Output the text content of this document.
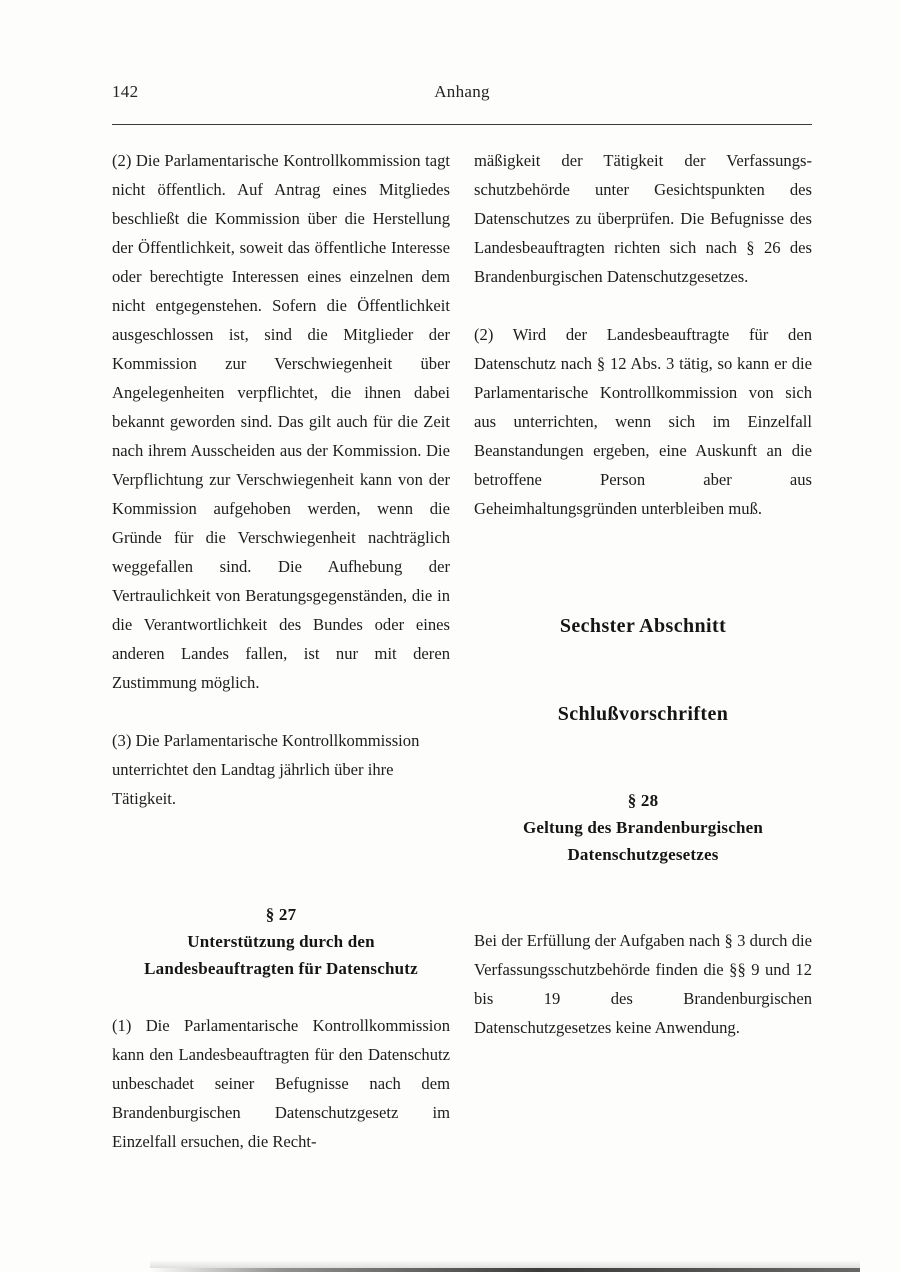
142	Anhang

(2) Die Parlamentarische Kontrollkommission tagt nicht öffentlich. Auf Antrag eines Mitgliedes beschließt die Kommission über die Herstellung der Öffentlichkeit, soweit das öffentliche Interesse oder berechtigte Interessen eines einzelnen dem nicht entgegenstehen. Sofern die Öffentlichkeit ausgeschlossen ist, sind die Mitglieder der Kommission zur Verschwiegenheit über Angelegenheiten verpflichtet, die ihnen dabei bekannt geworden sind. Das gilt auch für die Zeit nach ihrem Ausscheiden aus der Kommission. Die Verpflichtung zur Verschwiegenheit kann von der Kommission aufgehoben werden, wenn die Gründe für die Verschwiegenheit nachträglich weggefallen sind. Die Aufhebung der Vertraulichkeit von Beratungsgegenständen, die in die Verantwortlichkeit des Bundes oder eines anderen Landes fallen, ist nur mit deren Zustimmung möglich.

(3) Die Parlamentarische Kontrollkommission unterrichtet den Landtag jährlich über ihre Tätigkeit.

§ 27
Unterstützung durch den
Landesbeauftragten für Datenschutz

(1) Die Parlamentarische Kontrollkommission kann den Landesbeauftragten für den Datenschutz unbeschadet seiner Befugnisse nach dem Brandenburgischen Datenschutzgesetz im Einzelfall ersuchen, die Recht-

mäßigkeit der Tätigkeit der Verfassungsschutzbehörde unter Gesichtspunkten des Datenschutzes zu überprüfen. Die Befugnisse des Landesbeauftragten richten sich nach § 26 des Brandenburgischen Datenschutzgesetzes.

(2) Wird der Landesbeauftragte für den Datenschutz nach § 12 Abs. 3 tätig, so kann er die Parlamentarische Kontrollkommission von sich aus unterrichten, wenn sich im Einzelfall Beanstandungen ergeben, eine Auskunft an die betroffene Person aber aus Geheimhaltungsgründen unterbleiben muß.

Sechster Abschnitt
Schlußvorschriften
§ 28
Geltung des Brandenburgischen
Datenschutzgesetzes

Bei der Erfüllung der Aufgaben nach § 3 durch die Verfassungsschutzbehörde finden die §§ 9 und 12 bis 19 des Brandenburgischen Datenschutzgesetzes keine Anwendung.
